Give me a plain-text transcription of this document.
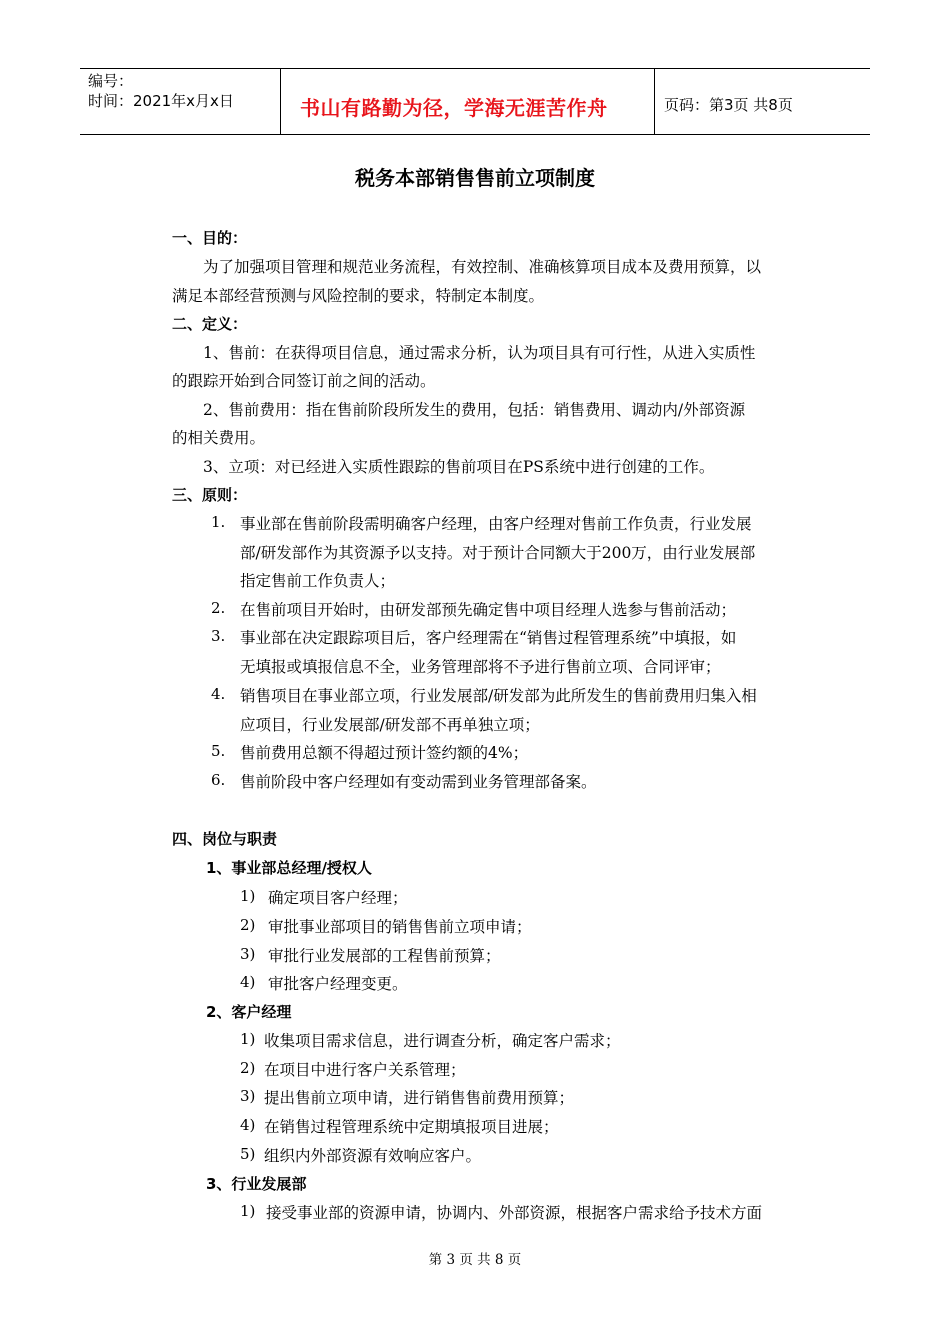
编号：
时间：2021年x月x日	书山有路勤为径，学海无涯苦作舟	页码：第3页 共8页
税务本部销售售前立项制度
一、目的：
为了加强项目管理和规范业务流程，有效控制、准确核算项目成本及费用预算，以
满足本部经营预测与风险控制的要求，特制定本制度。
二、定义：
1、售前：在获得项目信息，通过需求分析，认为项目具有可行性，从进入实质性
的跟踪开始到合同签订前之间的活动。
2、售前费用：指在售前阶段所发生的费用，包括：销售费用、调动内/外部资源
的相关费用。
3、立项：对已经进入实质性跟踪的售前项目在PS系统中进行创建的工作。
三、原则：
1. 事业部在售前阶段需明确客户经理，由客户经理对售前工作负责，行业发展
部/研发部作为其资源予以支持。对于预计合同额大于200万，由行业发展部
指定售前工作负责人；
2. 在售前项目开始时，由研发部预先确定售中项目经理人选参与售前活动；
3. 事业部在决定跟踪项目后，客户经理需在“销售过程管理系统”中填报，如
无填报或填报信息不全，业务管理部将不予进行售前立项、合同评审；
4. 销售项目在事业部立项，行业发展部/研发部为此所发生的售前费用归集入相
应项目，行业发展部/研发部不再单独立项；
5. 售前费用总额不得超过预计签约额的4%；
6. 售前阶段中客户经理如有变动需到业务管理部备案。
四、岗位与职责
1、事业部总经理/授权人
1) 确定项目客户经理；
2) 审批事业部项目的销售售前立项申请；
3) 审批行业发展部的工程售前预算；
4) 审批客户经理变更。
2、客户经理
1) 收集项目需求信息，进行调查分析，确定客户需求；
2) 在项目中进行客户关系管理；
3) 提出售前立项申请，进行销售售前费用预算；
4) 在销售过程管理系统中定期填报项目进展；
5) 组织内外部资源有效响应客户。
3、行业发展部
1) 接受事业部的资源申请，协调内、外部资源，根据客户需求给予技术方面
第 3 页 共 8 页
